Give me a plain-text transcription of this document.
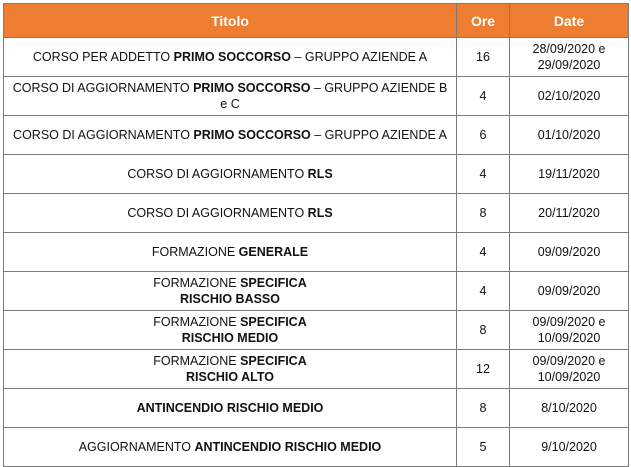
Titolo	Ore	Date
CORSO PER ADDETTO PRIMO SOCCORSO – GRUPPO AZIENDE A	16	28/09/2020 e
29/09/2020

CORSO DI AGGIORNAMENTO PRIMO SOCCORSO – GRUPPO AZIENDE B e C	4	02/10/2020

CORSO DI AGGIORNAMENTO PRIMO SOCCORSO – GRUPPO AZIENDE A	6	01/10/2020

CORSO DI AGGIORNAMENTO RLS	4	19/11/2020

CORSO DI AGGIORNAMENTO RLS	8	20/11/2020

FORMAZIONE GENERALE	4	09/09/2020

FORMAZIONE SPECIFICA
RISCHIO BASSO	4	09/09/2020

FORMAZIONE SPECIFICA
RISCHIO MEDIO	8	09/09/2020 e
10/09/2020

FORMAZIONE SPECIFICA
RISCHIO ALTO	12	09/09/2020 e
10/09/2020

ANTINCENDIO RISCHIO MEDIO	8	8/10/2020

AGGIORNAMENTO ANTINCENDIO RISCHIO MEDIO	5	9/10/2020
